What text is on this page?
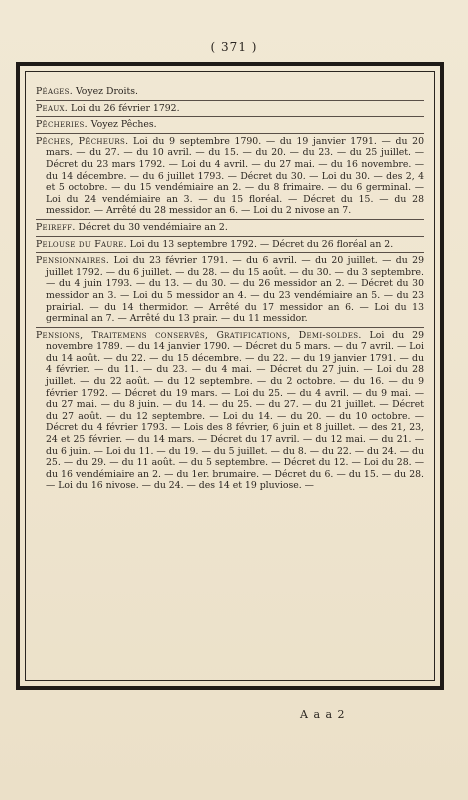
( 371 )

Péages. Voyez Droits.

Peaux. Loi du 26 février 1792.

Pêcheries. Voyez Pêches.

Pêches, Pêcheurs. Loi du 9 septembre 1790. — du 19 janvier 1791. — du 20 mars. — du 27. — du 10 avril. — du 15. — du 20. — du 23. — du 25 juillet. — Décret du 23 mars 1792. — Loi du 4 avril. — du 27 mai. — du 16 novembre. — du 14 décembre. — du 6 juillet 1793. — Décret du 30. — Loi du 30. — des 2, 4 et 5 octobre. — du 15 vendémiaire an 2. — du 8 frimaire. — du 6 germinal. — Loi du 24 vendémiaire an 3. — du 15 floréal. — Décret du 15. — du 28 messidor. — Arrêté du 28 messidor an 6. — Loi du 2 nivose an 7.

Peireff. Décret du 30 vendémiaire an 2.

Pelouse du Faure. Loi du 13 septembre 1792. — Décret du 26 floréal an 2.

Pensionnaires. Loi du 23 février 1791. — du 6 avril. — du 20 juillet. — du 29 juillet 1792. — du 6 juillet. — du 28. — du 15 août. — du 30. — du 3 septembre. — du 4 juin 1793. — du 13. — du 30. — du 26 messidor an 2. — Décret du 30 messidor an 3. — Loi du 5 messidor an 4. — du 23 vendémiaire an 5. — du 23 prairial. — du 14 thermidor. — Arrêté du 17 messidor an 6. — Loi du 13 germinal an 7. — Arrêté du 13 prair. — du 11 messidor.

Pensions, Traitemens conservés, Gratifications, Demi-soldes. Loi du 29 novembre 1789. — du 14 janvier 1790. — Décret du 5 mars. — du 7 avril. — Loi du 14 août. — du 22. — du 15 décembre. — du 22. — du 19 janvier 1791. — du 4 février. — du 11. — du 23. — du 4 mai. — Décret du 27 juin. — Loi du 28 juillet. — du 22 août. — du 12 septembre. — du 2 octobre. — du 16. — du 9 février 1792. — Décret du 19 mars. — Loi du 25. — du 4 avril. — du 9 mai. — du 27 mai. — du 8 juin. — du 14. — du 25. — du 27. — du 21 juillet. — Décret du 27 août. — du 12 septembre. — Loi du 14. — du 20. — du 10 octobre. — Décret du 4 février 1793. — Lois des 8 février, 6 juin et 8 juillet. — des 21, 23, 24 et 25 février. — du 14 mars. — Décret du 17 avril. — du 12 mai. — du 21. — du 6 juin. — Loi du 11. — du 19. — du 5 juillet. — du 8. — du 22. — du 24. — du 25. — du 29. — du 11 août. — du 5 septembre. — Décret du 12. — Loi du 28. — du 16 vendémiaire an 2. — du 1er. brumaire. — Décret du 6. — du 15. — du 28. — Loi du 16 nivose. — du 24. — des 14 et 19 pluviose. —

A a a 2
